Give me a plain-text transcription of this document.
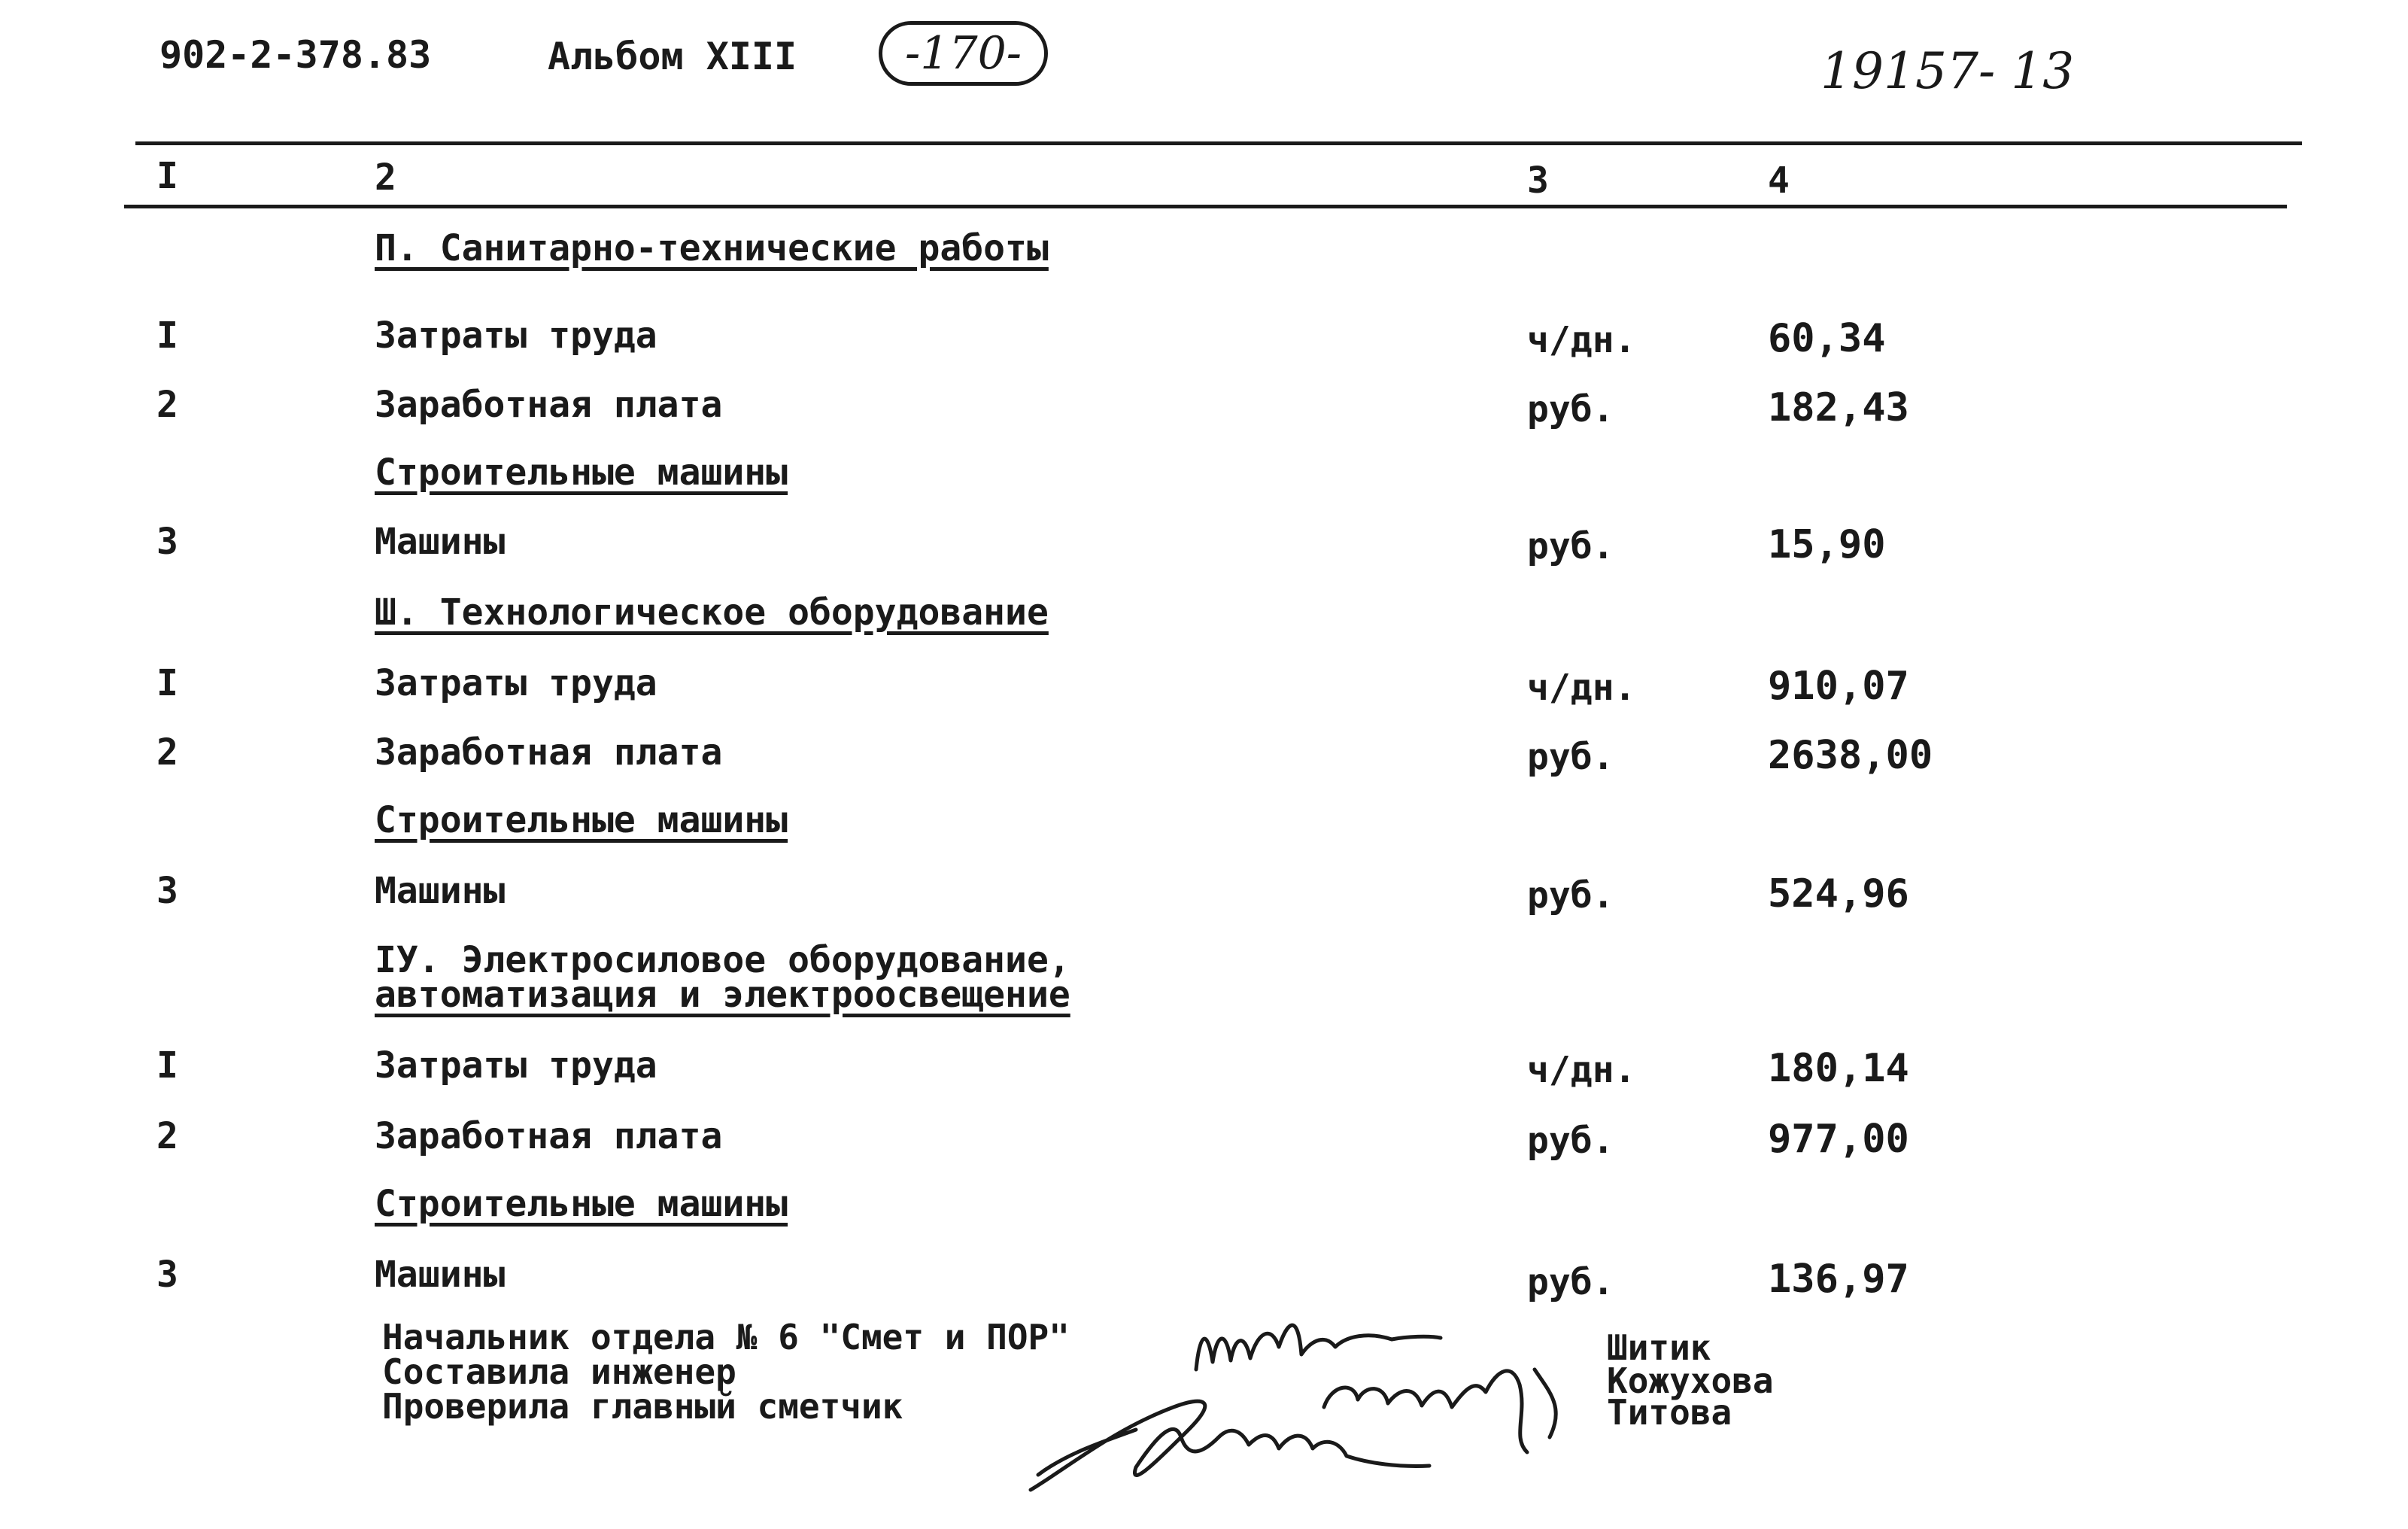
902-2-378.83	Альбом XIII	-170-	19157- 13
I	2	3	4
П. Санитарно-технические работы
I	Затраты труда	ч/дн.	60,34
2	Заработная плата	руб.	182,43
Строительные машины
3	Машины	руб.	15,90
Ш. Технологическое оборудование
I	Затраты труда	ч/дн.	910,07
2	Заработная плата	руб.	2638,00
Строительные машины
3	Машины	руб.	524,96
IУ. Электросиловое оборудование,
автоматизация и электроосвещение
I	Затраты труда	ч/дн.	180,14
2	Заработная плата	руб.	977,00
Строительные машины
3	Машины	руб.	136,97
Начальник отдела № 6 "Смет и ПОР"
Составила инженер
Проверила главный сметчик
Шитик
Кожухова
Титова
